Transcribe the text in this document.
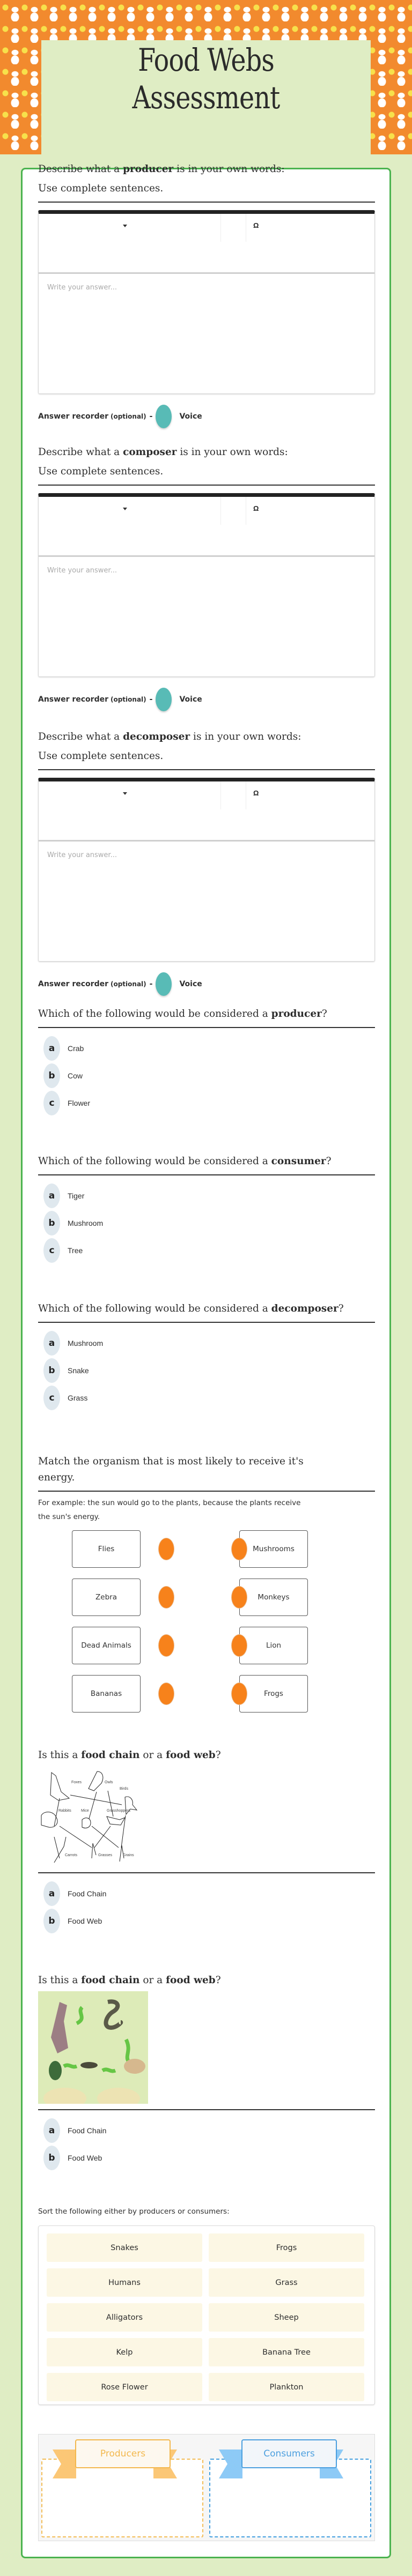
Food Webs
Assessment
Describe what a producer is in your own words:
Use complete sentences.
Ω
Write your answer...
Answer recorder (optional) -	Voice
Describe what a composer is in your own words:
Use complete sentences.
Ω
Write your answer...
Answer recorder (optional) -	Voice
Describe what a decomposer is in your own words:
Use complete sentences.
Ω
Write your answer...
Answer recorder (optional) -	Voice
Which of the following would be considered a producer?
a	Crab
b	Cow
c	Flower
Which of the following would be considered a consumer?
a	Tiger
b	Mushroom
c	Tree
Which of the following would be considered a decomposer?
a	Mushroom
b	Snake
c	Grass
Match the organism that is most likely to receive it's
energy.
For example: the sun would go to the plants, because the plants receive
the sun's energy.
Flies	Mushrooms
Zebra	Monkeys
Dead Animals	Lion
Bananas	Frogs
Is this a food chain or a food web?
Foxes	Owls
Birds
Rabbits	Mice	Grasshoppers
Carrots	Grasses	Grains
a	Food Chain
b	Food Web
Is this a food chain or a food web?
a	Food Chain
b	Food Web
Sort the following either by producers or consumers:
Snakes	Frogs
Humans	Grass
Alligators	Sheep
Kelp	Banana Tree
Rose Flower	Plankton
Producers	Consumers
